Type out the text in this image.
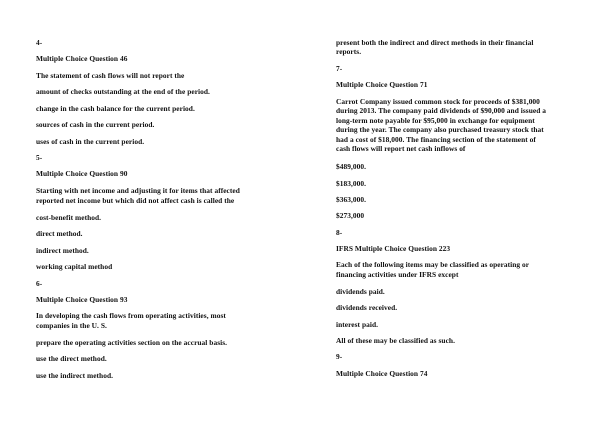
4-
Multiple Choice Question 46
The statement of cash flows will not report the
amount of checks outstanding at the end of the period.
change in the cash balance for the current period.
sources of cash in the current period.
uses of cash in the current period.
5-
Multiple Choice Question 90
Starting with net income and adjusting it for items that affected
reported net income but which did not affect cash is called the
cost-benefit method.
direct method.
indirect method.
working capital method
6-
Multiple Choice Question 93
In developing the cash flows from operating activities, most
companies in the U. S.
prepare the operating activities section on the accrual basis.
use the direct method.
use the indirect method.
present both the indirect and direct methods in their financial
reports.
7-
Multiple Choice Question 71
Carrot Company issued common stock for proceeds of $381,000
during 2013. The company paid dividends of $90,000 and issued a
long-term note payable for $95,000 in exchange for equipment
during the year. The company also purchased treasury stock that
had a cost of $18,000. The financing section of the statement of
cash flows will report net cash inflows of
$489,000.
$183,000.
$363,000.
$273,000
8-
IFRS Multiple Choice Question 223
Each of the following items may be classified as operating or
financing activities under IFRS except
dividends paid.
dividends received.
interest paid.
All of these may be classified as such.
9-
Multiple Choice Question 74
